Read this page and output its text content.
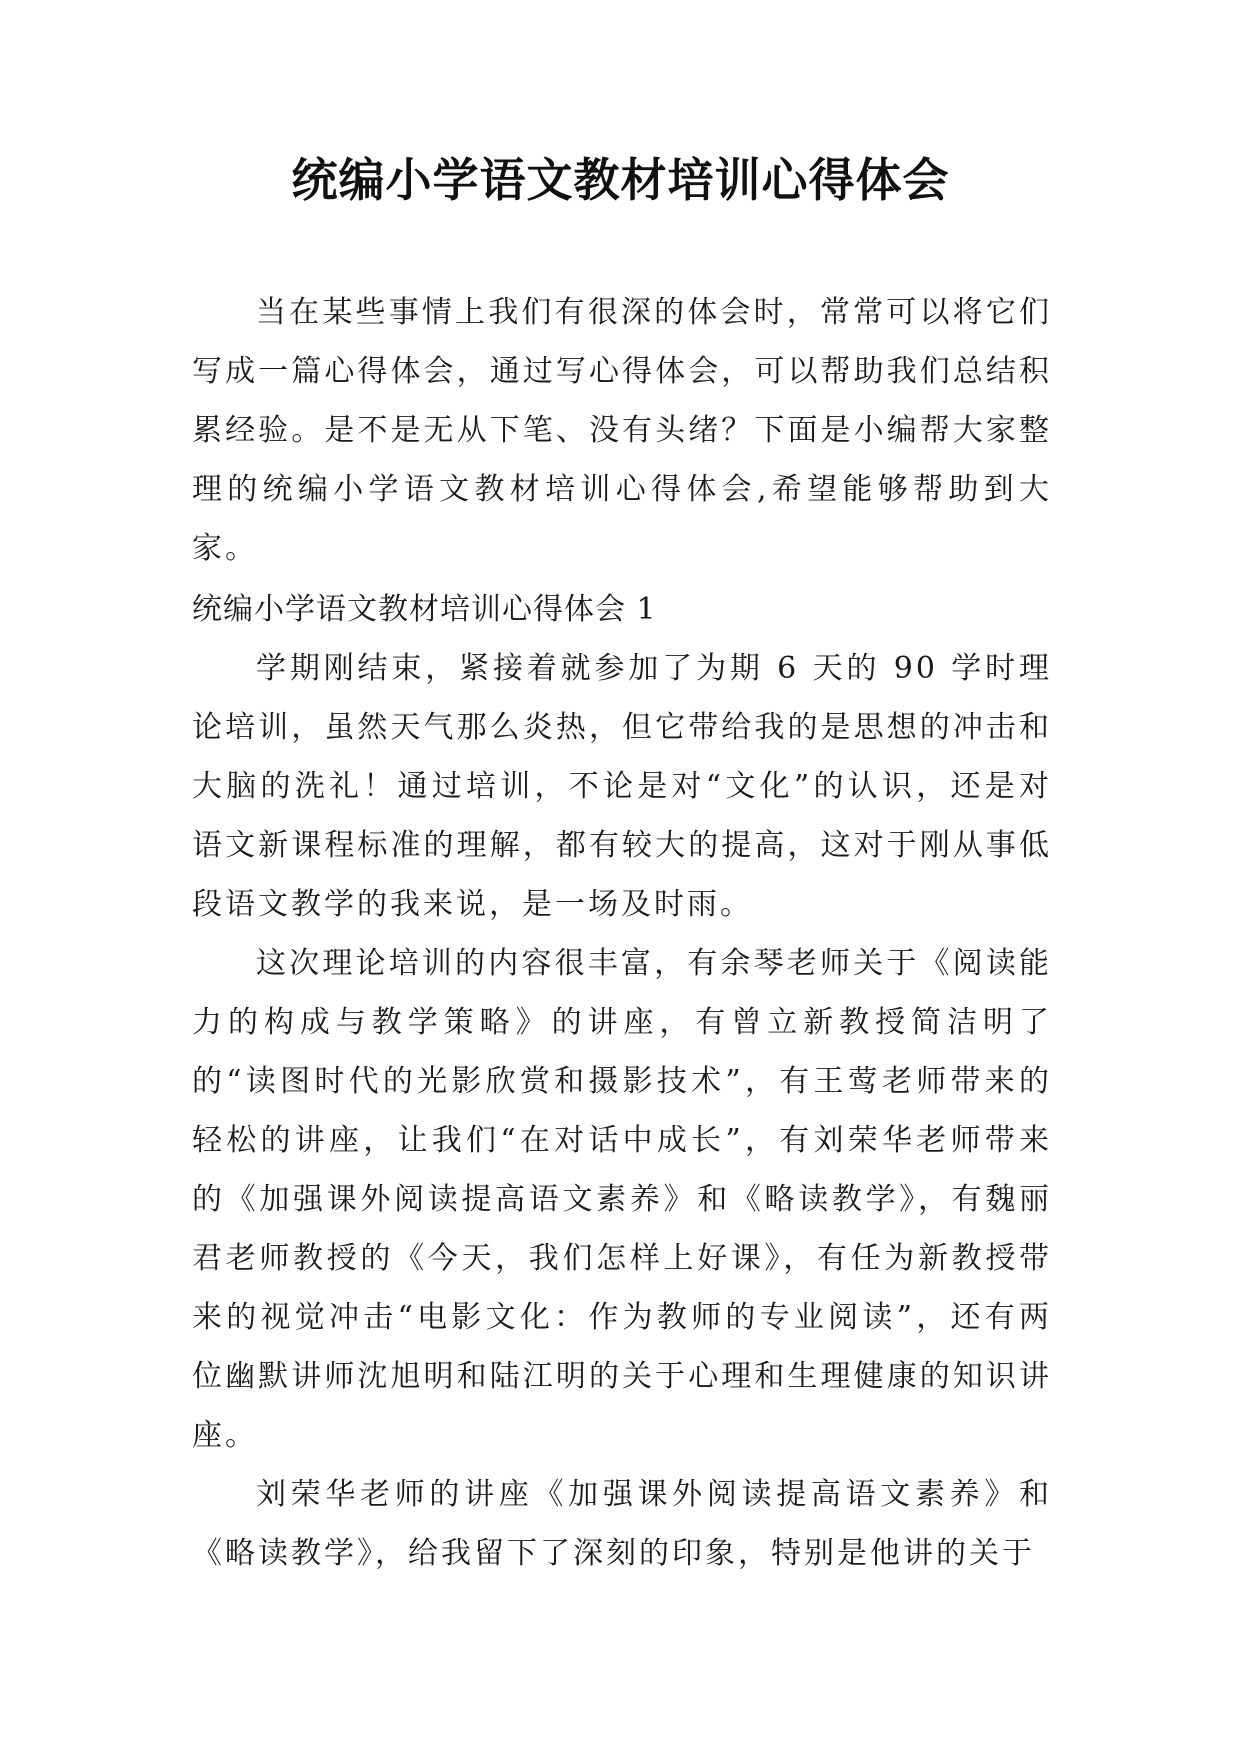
统编小学语文教材培训心得体会

当在某些事情上我们有很深的体会时，常常可以将它们写成一篇心得体会，通过写心得体会，可以帮助我们总结积累经验。是不是无从下笔、没有头绪？下面是小编帮大家整理的统编小学语文教材培训心得体会,希望能够帮助到大家。

统编小学语文教材培训心得体会 1

学期刚结束，紧接着就参加了为期 6 天的 90 学时理论培训，虽然天气那么炎热，但它带给我的是思想的冲击和大脑的洗礼！通过培训，不论是对“文化”的认识，还是对语文新课程标准的理解，都有较大的提高，这对于刚从事低段语文教学的我来说，是一场及时雨。

这次理论培训的内容很丰富，有余琴老师关于《阅读能力的构成与教学策略》的讲座，有曾立新教授简洁明了的“读图时代的光影欣赏和摄影技术”，有王莺老师带来的轻松的讲座，让我们“在对话中成长”，有刘荣华老师带来的《加强课外阅读提高语文素养》和《略读教学》，有魏丽君老师教授的《今天，我们怎样上好课》，有任为新教授带来的视觉冲击“电影文化：作为教师的专业阅读”，还有两位幽默讲师沈旭明和陆江明的关于心理和生理健康的知识讲座。

刘荣华老师的讲座《加强课外阅读提高语文素养》和《略读教学》，给我留下了深刻的印象，特别是他讲的关于
